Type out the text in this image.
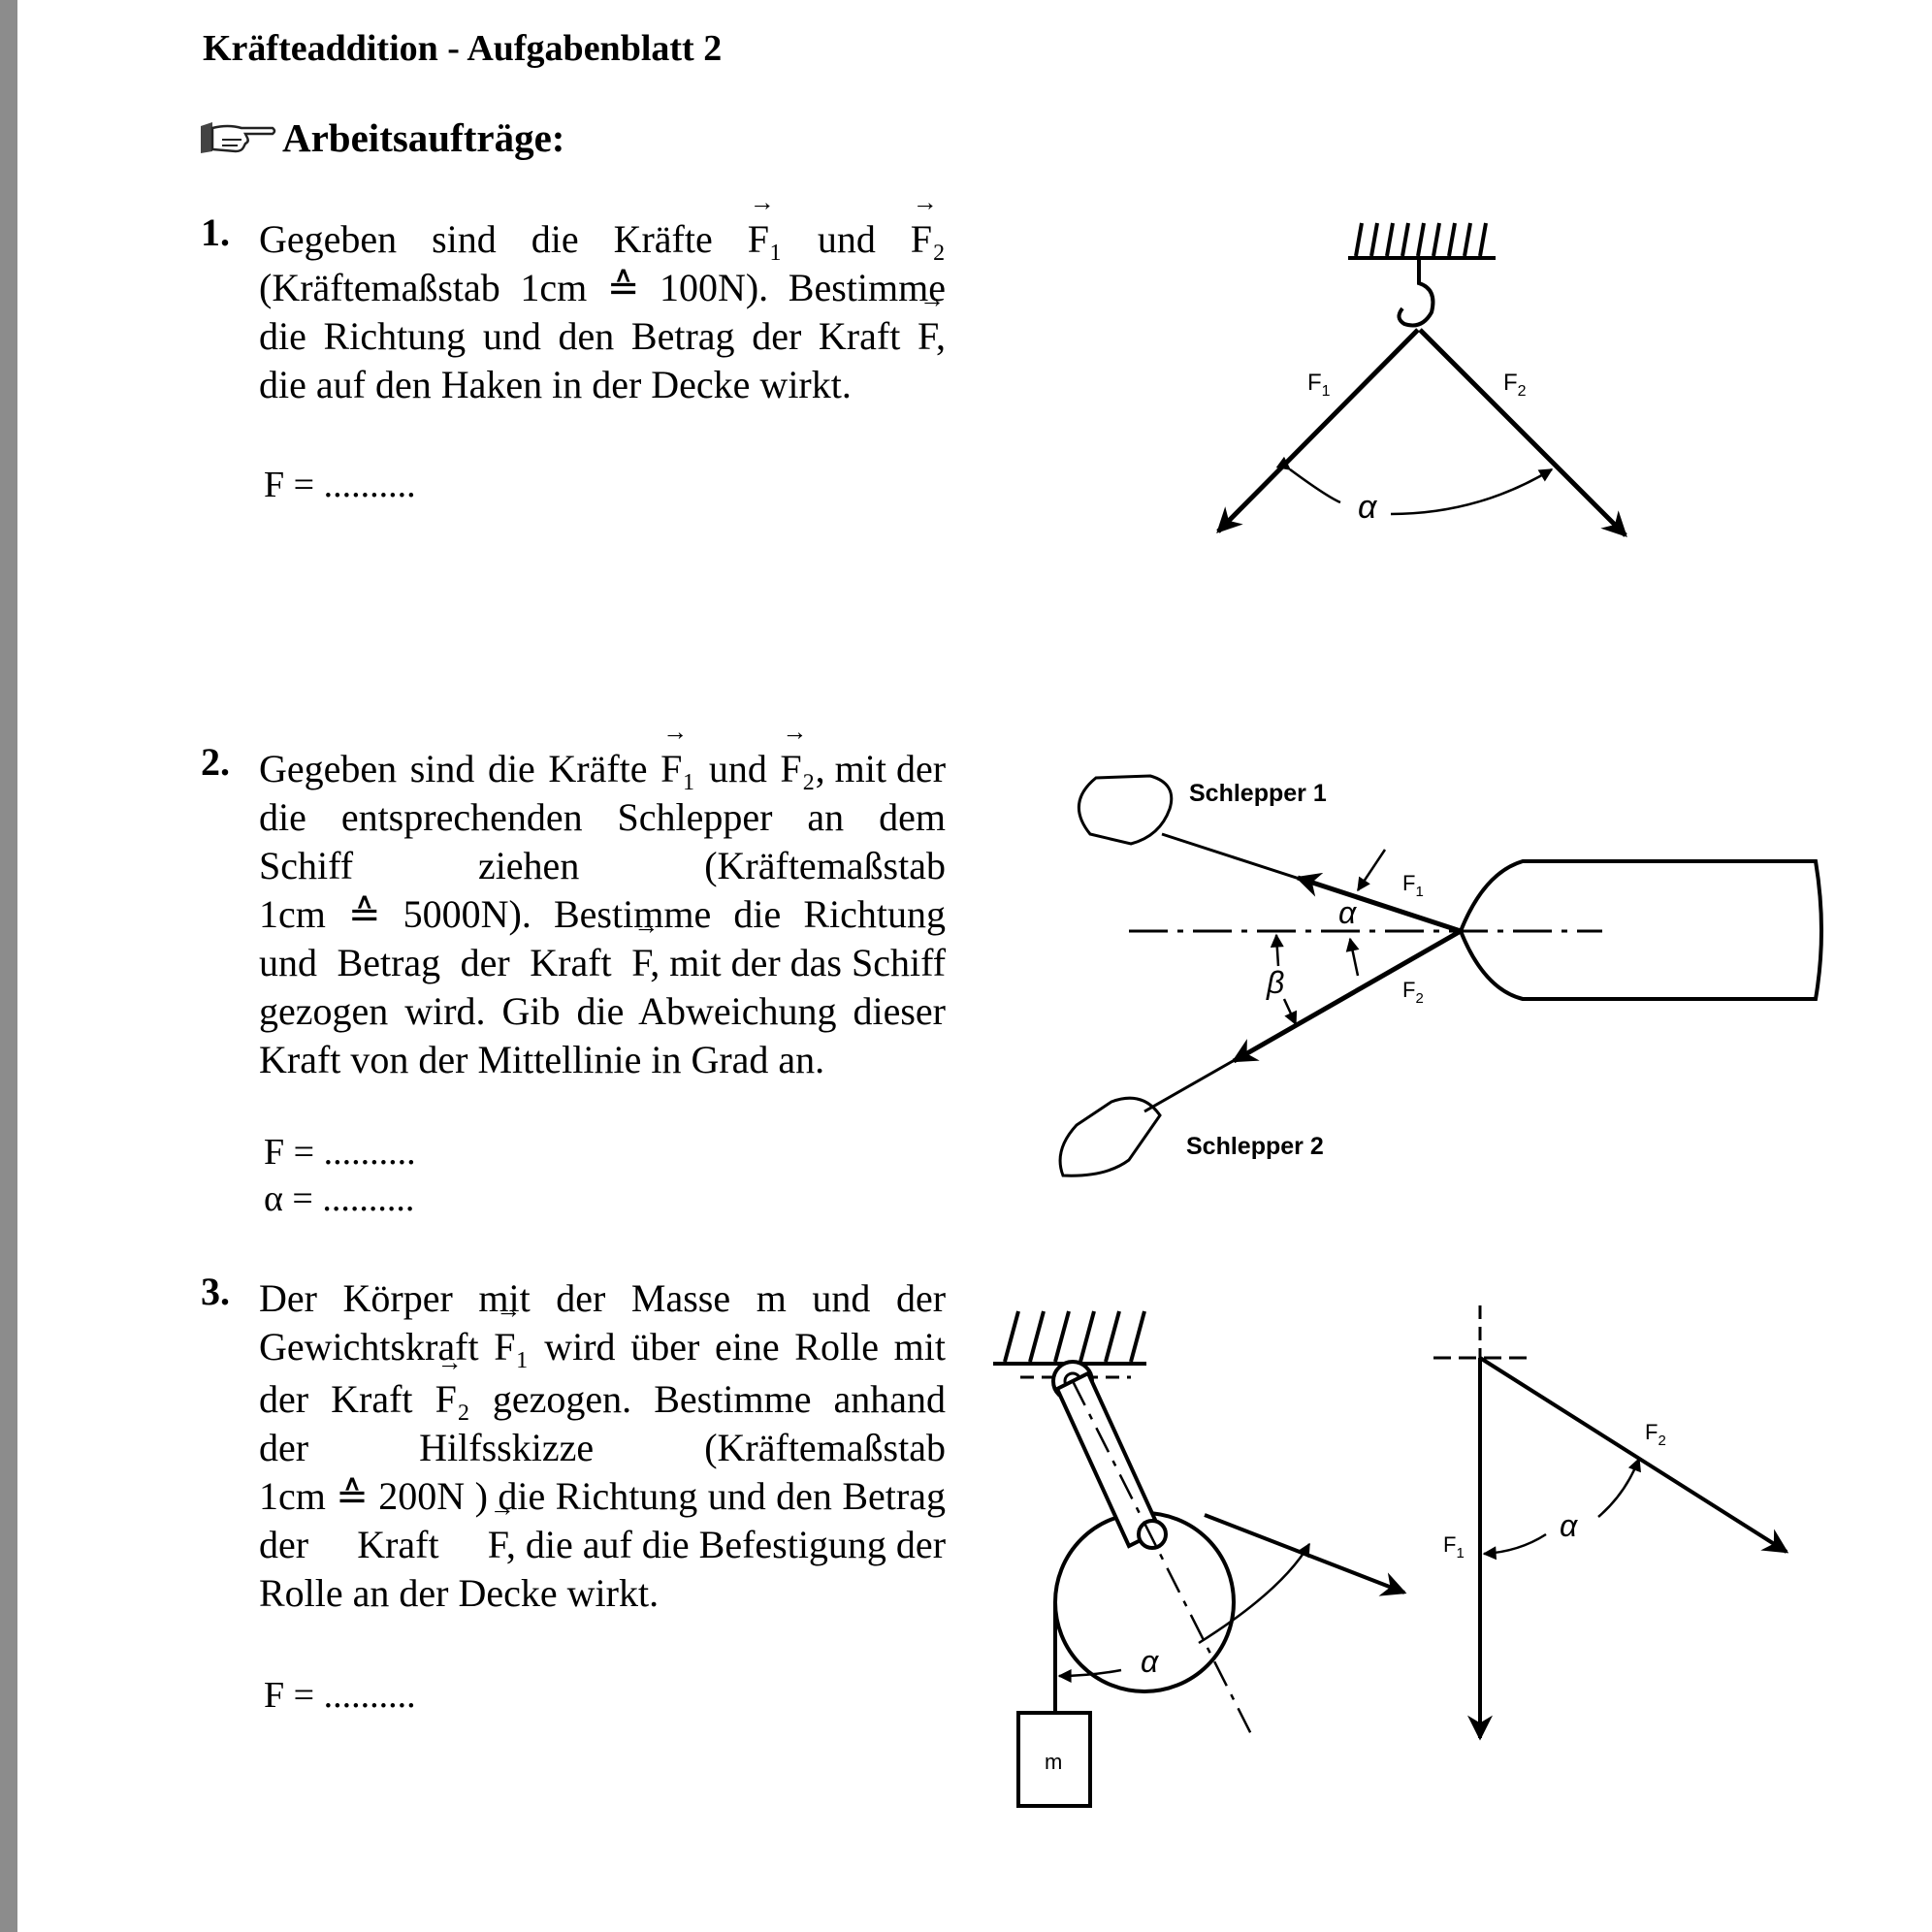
Kräfteaddition - Aufgabenblatt 2
Arbeitsaufträge:
1. Gegeben sind die Kräfte → F₁ und → F₂
(Kräftemaßstab 1cm ≙ 100N). Bestimme
die Richtung und den Betrag der Kraft → F,
die auf den Haken in der Decke wirkt.
F = ..........
2. Gegeben sind die Kräfte → F₁ und → F₂, mit der
die entsprechenden Schlepper an dem
Schiff	ziehen	(Kräftemaßstab
1cm ≙ 5000N). Bestimme die Richtung
und Betrag der Kraft → F, mit der das Schiff
gezogen wird. Gib die Abweichung dieser
Kraft von der Mittellinie in Grad an.
F = ..........
α = ..........
3. Der Körper mit der Masse m und der
Gewichtskraft → F₁ wird über eine Rolle mit
der Kraft → F₂ gezogen. Bestimme anhand
der	Hilfsskizze	(Kräftemaßstab
1cm ≙ 200N ) die Richtung und den Betrag
der Kraft → F, die auf die Befestigung der
Rolle an der Decke wirkt.
F = ..........
$F_1$	$F_2$
α
Schlepper 1
Schlepper 2
$F_1$
$F_2$
α
β
m
α
$F_1$
$F_2$
α
